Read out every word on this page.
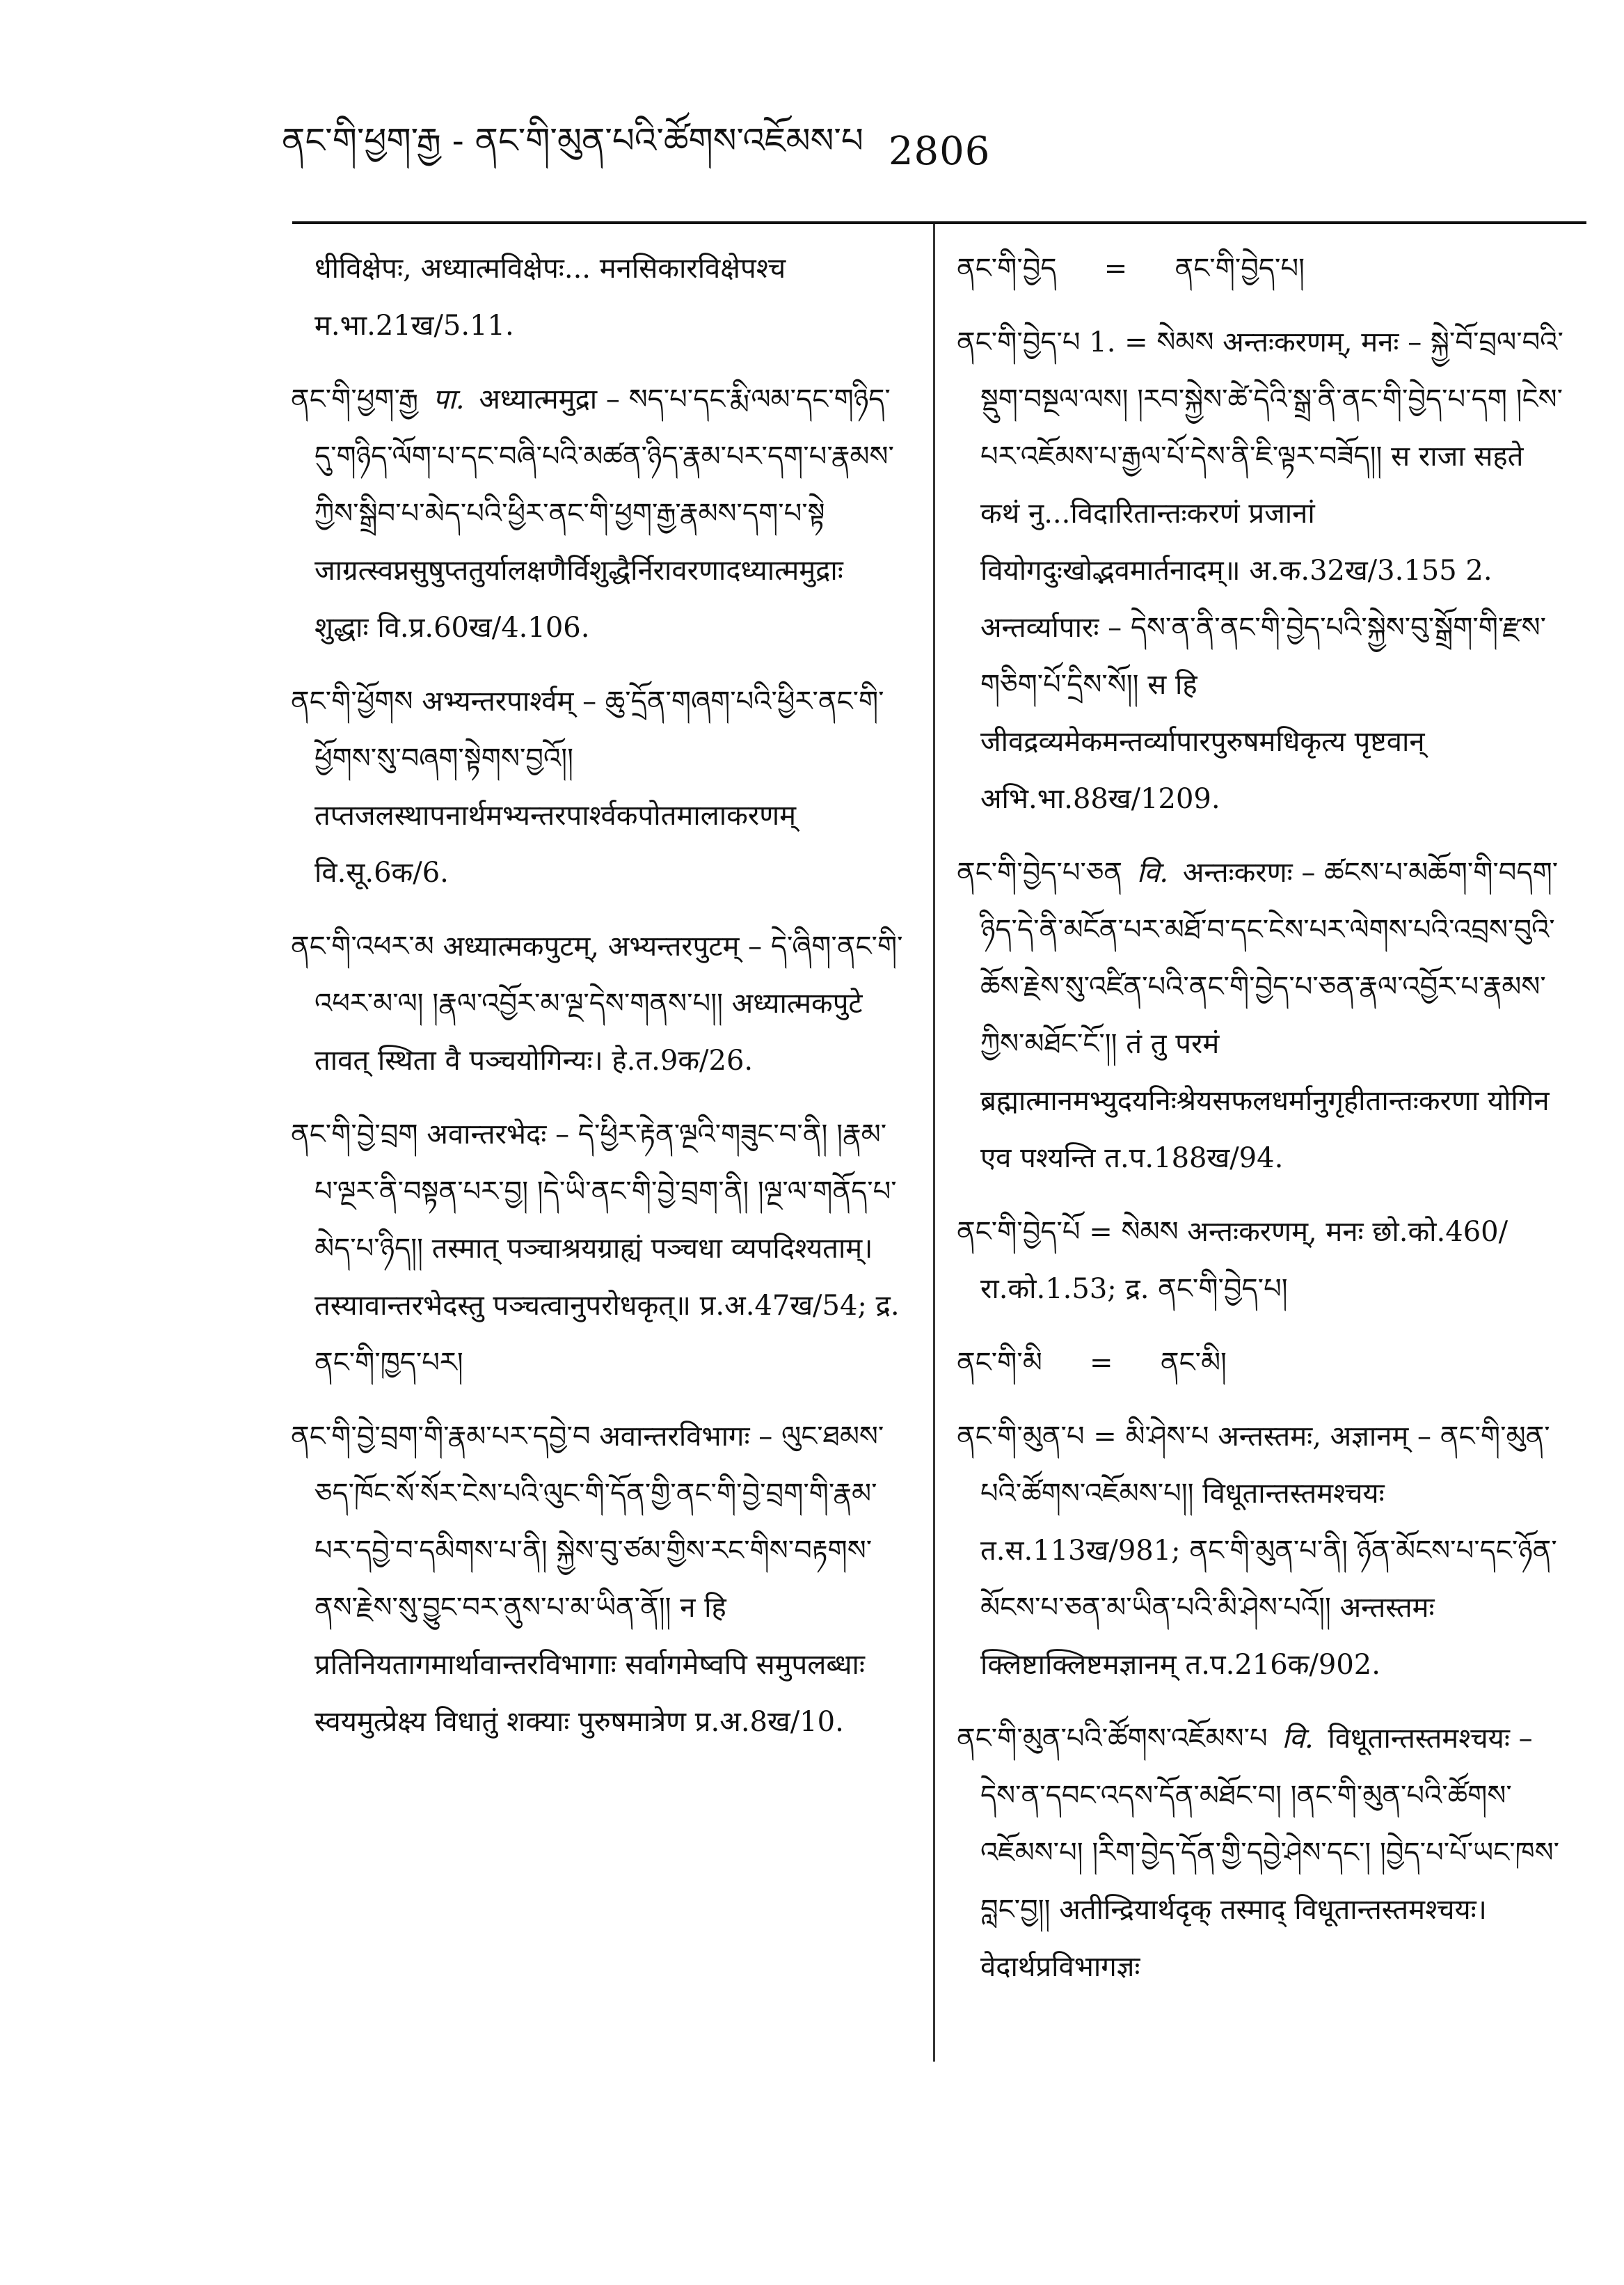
ནང་གི་ཕྱག་རྒྱ - ནང་གི་མུན་པའི་ཚོགས་འཇོམས་པ 2806

धीविक्षेपः, अध्यात्मविक्षेपः... मनसिकारविक्षेपश्च म.भा.21ख/5.11.

ནང་གི་ཕྱག་རྒྱ पा. अध्यात्ममुद्रा – སད་པ་དང་རྨི་ལམ་དང་གཉིད་དུ་གཉིད་ལོག་པ་དང་བཞི་པའི་མཚན་ཉིད་རྣམ་པར་དག་པ་རྣམས་ཀྱིས་སྒྲིབ་པ་མེད་པའི་ཕྱིར་ནང་གི་ཕྱག་རྒྱ་རྣམས་དག་པ་སྟེ जाग्रत्स्वप्नसुषुप्ततुर्यालक्षणैर्विशुद्धैर्निरावरणादध्यात्ममुद्राः शुद्धाः वि.प्र.60ख/4.106.

ནང་གི་ཕྱོགས अभ्यन्तरपार्श्वम् – ཆུ་དྲོན་གཞག་པའི་ཕྱིར་ནང་གི་ཕྱོགས་སུ་བཞག་སྟེགས་བྱའོ།། तप्तजलस्थापनार्थमभ्यन्तरपार्श्वकपोतमालाकरणम् वि.सू.6क/6.

ནང་གི་འཕར་མ अध्यात्मकपुटम्, अभ्यन्तरपुटम् – དེ་ཞིག་ནང་གི་འཕར་མ་ལ། །རྣལ་འབྱོར་མ་ལྔ་དེས་གནས་པ།། अध्यात्मकपुटे तावत् स्थिता वै पञ्चयोगिन्यः। हे.त.9क/26.

ནང་གི་བྱེ་བྲག अवान्तरभेदः – དེ་ཕྱིར་རྟེན་ལྔའི་གཟུང་བ་ནི། །རྣམ་པ་ལྔར་ནི་བསྟན་པར་བྱ། །དེ་ཡི་ནང་གི་བྱེ་བྲག་ནི། །ལྔ་ལ་གནོད་པ་མེད་པ་ཉིད།། तस्मात् पञ्चाश्रयग्राह्यं पञ्चधा व्यपदिश्यताम्। तस्यावान्तरभेदस्तु पञ्चत्वानुपरोधकृत्॥ प्र.अ.47ख/54; द्र. ནང་གི་ཁྱད་པར།

ནང་གི་བྱེ་བྲག་གི་རྣམ་པར་དབྱེ་བ अवान्तरविभागः – ལུང་ཐམས་ཅད་ཁོང་སོ་སོར་ངེས་པའི་ལུང་གི་དོན་གྱི་ནང་གི་བྱེ་བྲག་གི་རྣམ་པར་དབྱེ་བ་དམིགས་པ་ནི། སྐྱེས་བུ་ཙམ་གྱིས་རང་གིས་བརྟགས་ནས་རྗེས་སུ་བྱུང་བར་ནུས་པ་མ་ཡིན་ནོ།། न हि प्रतिनियतागमार्थावान्तरविभागाः सर्वागमेष्वपि समुपलब्धाः स्वयमुत्प्रेक्ष्य विधातुं शक्याः पुरुषमात्रेण प्र.अ.8ख/10.

ནང་གི་བྱེད	=	ནང་གི་བྱེད་པ།

ནང་གི་བྱེད་པ 1. = སེམས अन्तःकरणम्, मनः – སྐྱེ་བོ་བྲལ་བའི་སྡུག་བསྔལ་ལས། །རབ་སྐྱེས་ཚེ་དེའི་སྒྲ་ནི་ནང་གི་བྱེད་པ་དག །ངེས་པར་འཇོམས་པ་རྒྱལ་པོ་དེས་ནི་ཇི་ལྟར་བཟོད།། स राजा सहते कथं नु...विदारितान्तःकरणं प्रजानां वियोगदुःखोद्भवमार्तनादम्॥ अ.क.32ख/3.155 2. अन्तर्व्यापारः – དེས་ན་ནི་ནང་གི་བྱེད་པའི་སྐྱེས་བུ་སྒྲོག་གི་རྫས་གཅིག་པོ་དྲིས་སོ།། स हि जीवद्रव्यमेकमन्तर्व्यापारपुरुषमधिकृत्य पृष्टवान् अभि.भा.88ख/1209.

ནང་གི་བྱེད་པ་ཅན वि. अन्तःकरणः – ཚངས་པ་མཆོག་གི་བདག་ཉིད་དེ་ནི་མངོན་པར་མཐོ་བ་དང་ངེས་པར་ལེགས་པའི་འབྲས་བུའི་ཆོས་རྗེས་སུ་འཛིན་པའི་ནང་གི་བྱེད་པ་ཅན་རྣལ་འབྱོར་པ་རྣམས་ཀྱིས་མཐོང་ངོ་།། तं तु परमं ब्रह्मात्मानमभ्युदयनिःश्रेयसफलधर्मानुगृहीतान्तःकरणा योगिन एव पश्यन्ति त.प.188ख/94.

ནང་གི་བྱེད་པོ = སེམས अन्तःकरणम्, मनः छो.को.460/रा.को.1.53; द्र. ནང་གི་བྱེད་པ།

ནང་གི་མི	=	ནང་མི།

ནང་གི་མུན་པ = མི་ཤེས་པ अन्तस्तमः, अज्ञानम् – ནང་གི་མུན་པའི་ཚོགས་འཇོམས་པ།། विधूतान्तस्तमश्चयः त.स.113ख/981; ནང་གི་མུན་པ་ནི། ཉོན་མོངས་པ་དང་ཉོན་མོངས་པ་ཅན་མ་ཡིན་པའི་མི་ཤེས་པའོ།། अन्तस्तमः क्लिष्टाक्लिष्टमज्ञानम् त.प.216क/902.

ནང་གི་མུན་པའི་ཚོགས་འཇོམས་པ वि. विधूतान्तस्तमश्चयः – དེས་ན་དབང་འདས་དོན་མཐོང་བ། །ནང་གི་མུན་པའི་ཚོགས་འཇོམས་པ། །རིག་བྱེད་དོན་གྱི་དབྱེ་ཤེས་དང་། །བྱེད་པ་པོ་ཡང་ཁས་བླང་བྱ།། अतीन्द्रियार्थदृक् तस्माद् विधूतान्तस्तमश्चयः। वेदार्थप्रविभागज्ञः
